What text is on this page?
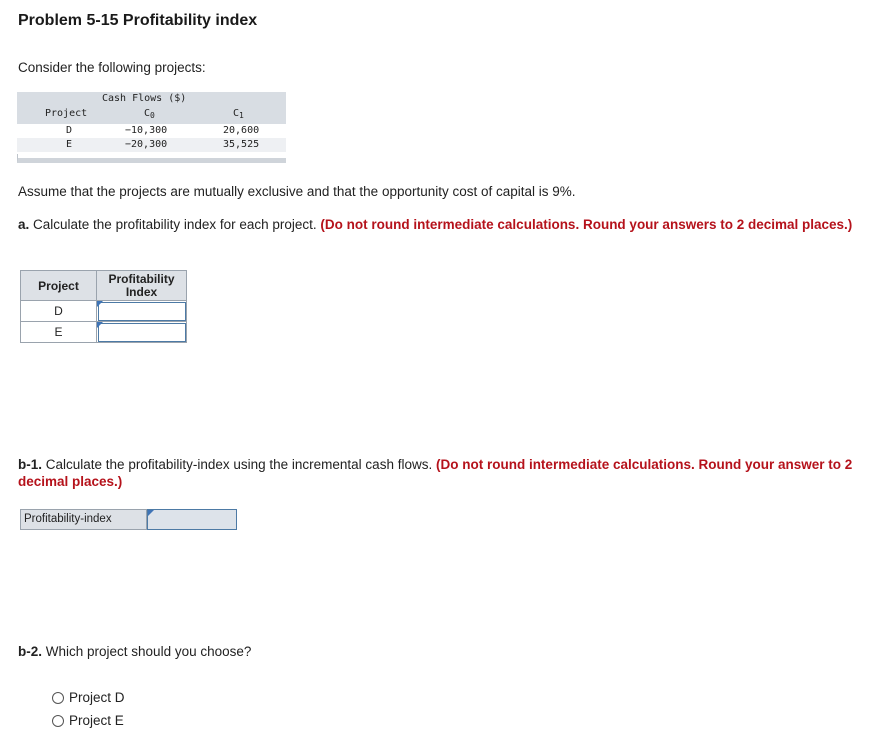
Problem 5-15 Profitability index
Consider the following projects:
Cash Flows ($)
Project	$C_0$	$C_1$
D	−10,300	20,600
E	−20,300	35,525
Assume that the projects are mutually exclusive and that the opportunity cost of capital is 9%.
a. Calculate the profitability index for each project. (Do not round intermediate calculations. Round your answers to 2 decimal places.)
Project	Profitability
Index

D	

E	
b-1. Calculate the profitability-index using the incremental cash flows. (Do not round intermediate calculations. Round your answer to 2 decimal places.)
Profitability-index
b-2. Which project should you choose?
Project D
Project E
